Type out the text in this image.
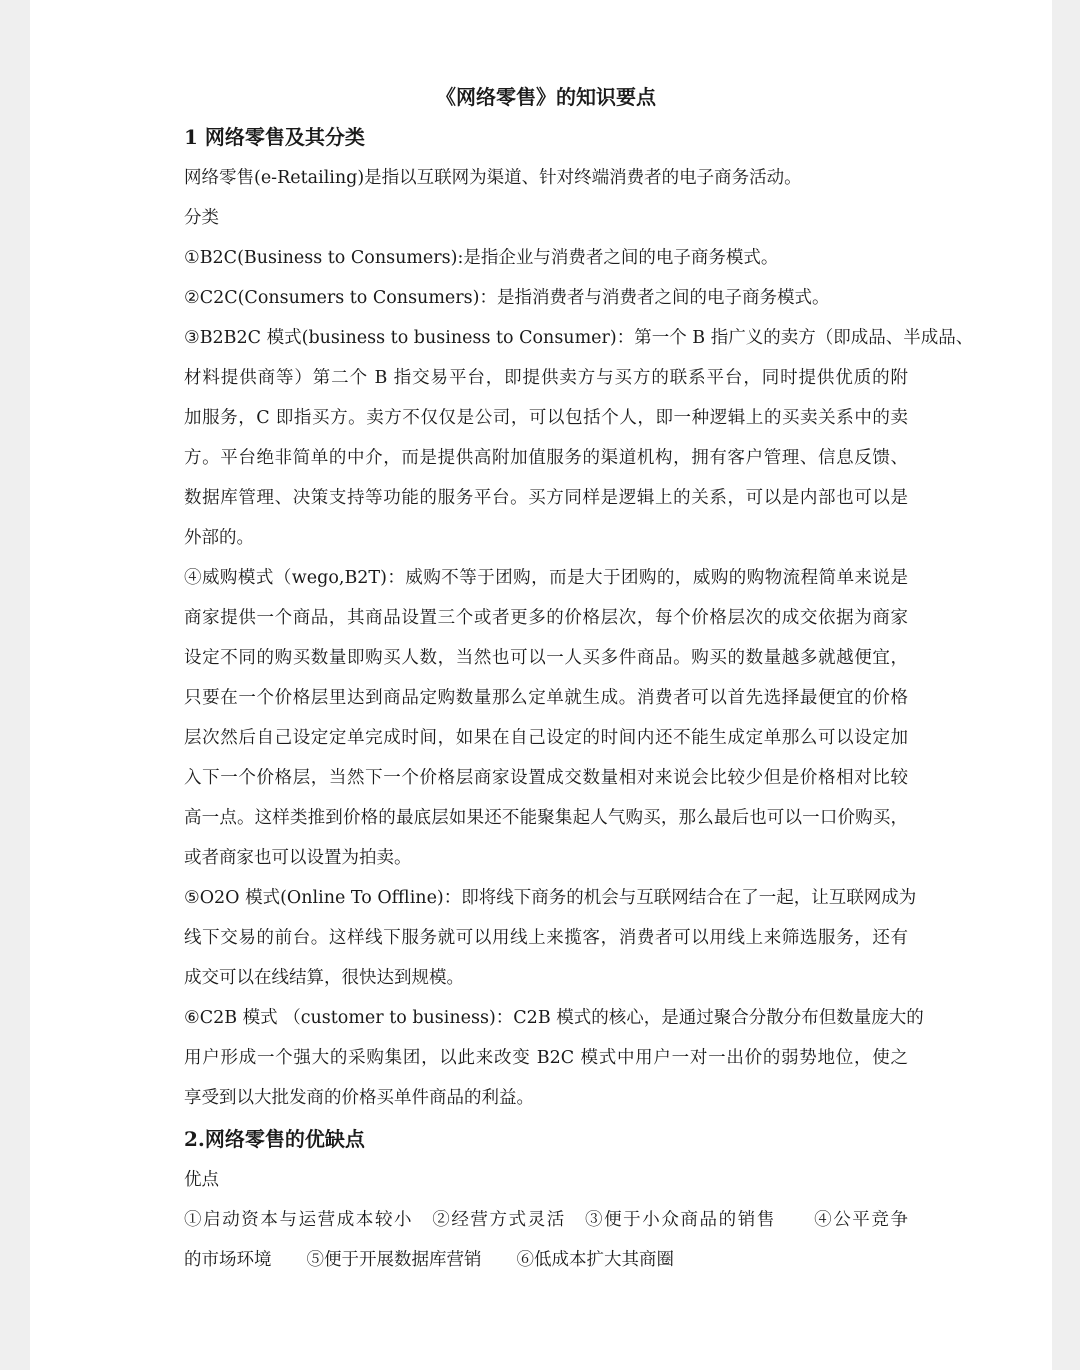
《网络零售》的知识要点
1 网络零售及其分类
网络零售(e-Retailing)是指以互联网为渠道、针对终端消费者的电子商务活动。
分类
①B2C(Business to Consumers):是指企业与消费者之间的电子商务模式。
②C2C(Consumers to Consumers)：是指消费者与消费者之间的电子商务模式。
③B2B2C 模式(business to business to Consumer)：第一个 B 指广义的卖方（即成品、半成品、
材料提供商等）第二个 B 指交易平台，即提供卖方与买方的联系平台，同时提供优质的附
加服务，C 即指买方。卖方不仅仅是公司，可以包括个人，即一种逻辑上的买卖关系中的卖
方。平台绝非简单的中介，而是提供高附加值服务的渠道机构，拥有客户管理、信息反馈、
数据库管理、决策支持等功能的服务平台。买方同样是逻辑上的关系，可以是内部也可以是
外部的。
④威购模式（wego,B2T)：威购不等于团购，而是大于团购的，威购的购物流程简单来说是
商家提供一个商品，其商品设置三个或者更多的价格层次，每个价格层次的成交依据为商家
设定不同的购买数量即购买人数，当然也可以一人买多件商品。购买的数量越多就越便宜，
只要在一个价格层里达到商品定购数量那么定单就生成。消费者可以首先选择最便宜的价格
层次然后自己设定定单完成时间，如果在自己设定的时间内还不能生成定单那么可以设定加
入下一个价格层，当然下一个价格层商家设置成交数量相对来说会比较少但是价格相对比较
高一点。这样类推到价格的最底层如果还不能聚集起人气购买，那么最后也可以一口价购买，
或者商家也可以设置为拍卖。
⑤O2O 模式(Online To Offline)：即将线下商务的机会与互联网结合在了一起，让互联网成为
线下交易的前台。这样线下服务就可以用线上来揽客，消费者可以用线上来筛选服务，还有
成交可以在线结算，很快达到规模。
⑥C2B 模式 （customer to business)：C2B 模式的核心，是通过聚合分散分布但数量庞大的
用户形成一个强大的采购集团，以此来改变 B2C 模式中用户一对一出价的弱势地位，使之
享受到以大批发商的价格买单件商品的利益。
2.网络零售的优缺点
优点
①启动资本与运营成本较小　②经营方式灵活　③便于小众商品的销售　　④公平竞争
的市场环境　　⑤便于开展数据库营销　　⑥低成本扩大其商圈
